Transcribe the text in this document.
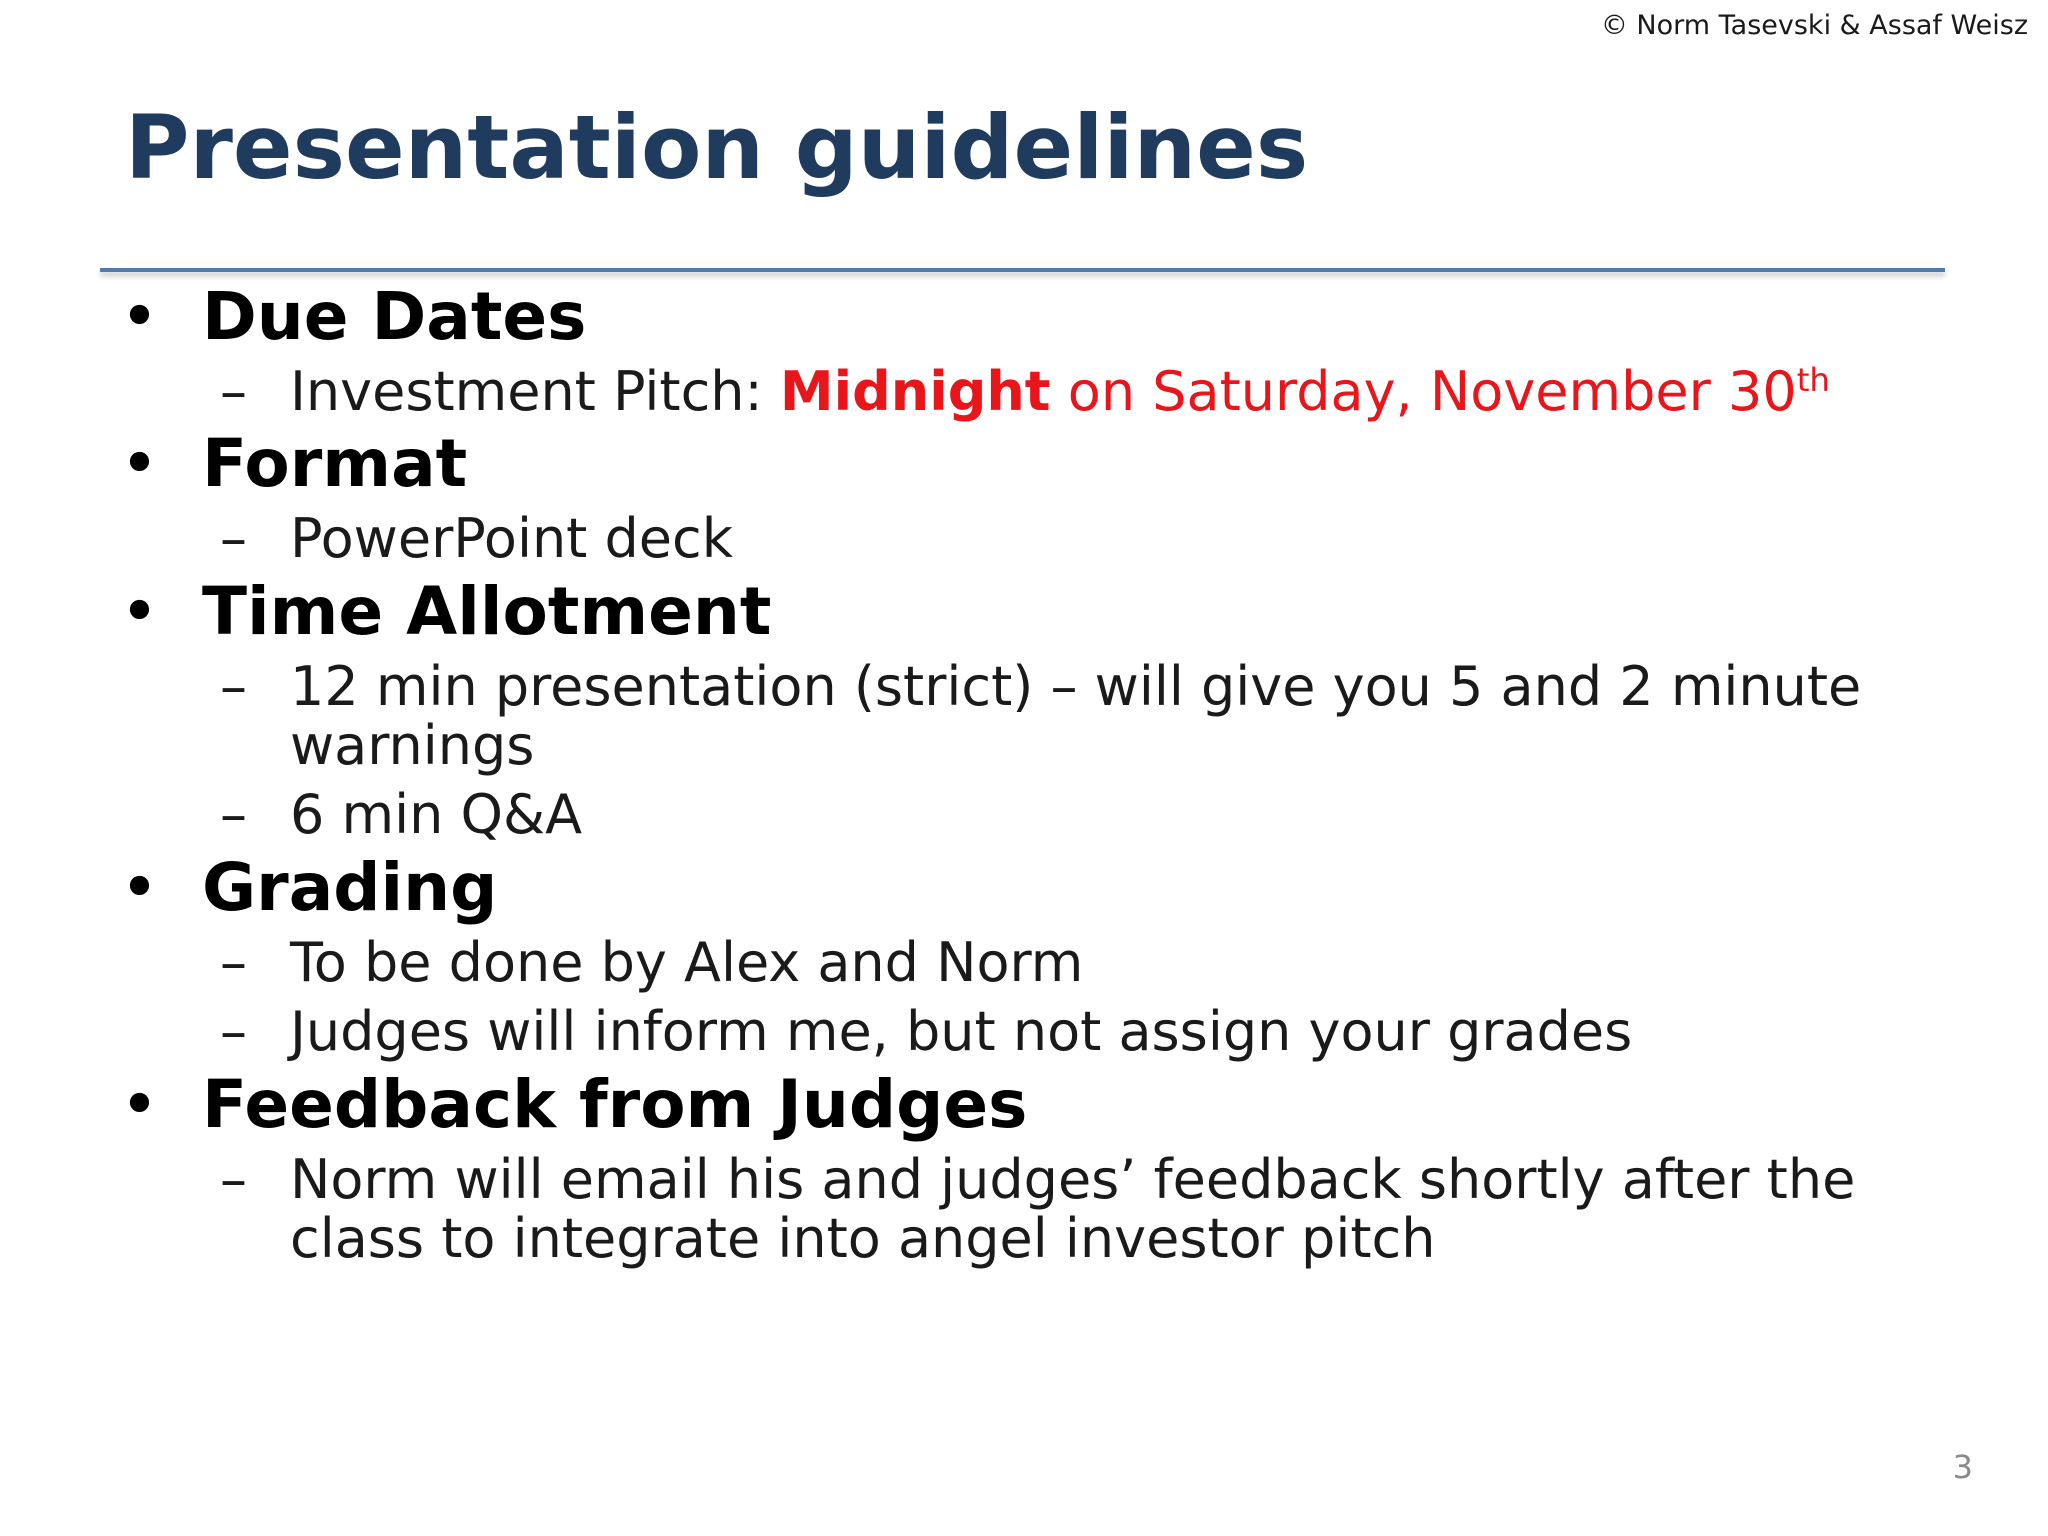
© Norm Tasevski & Assaf Weisz
Presentation guidelines
• Due Dates
– Investment Pitch: Midnight on Saturday, November 30th
• Format
– PowerPoint deck
• Time Allotment
– 12 min presentation (strict) – will give you 5 and 2 minute warnings
– 6 min Q&A
• Grading
– To be done by Alex and Norm
– Judges will inform me, but not assign your grades
• Feedback from Judges
– Norm will email his and judges’ feedback shortly after the class to integrate into angel investor pitch
3
